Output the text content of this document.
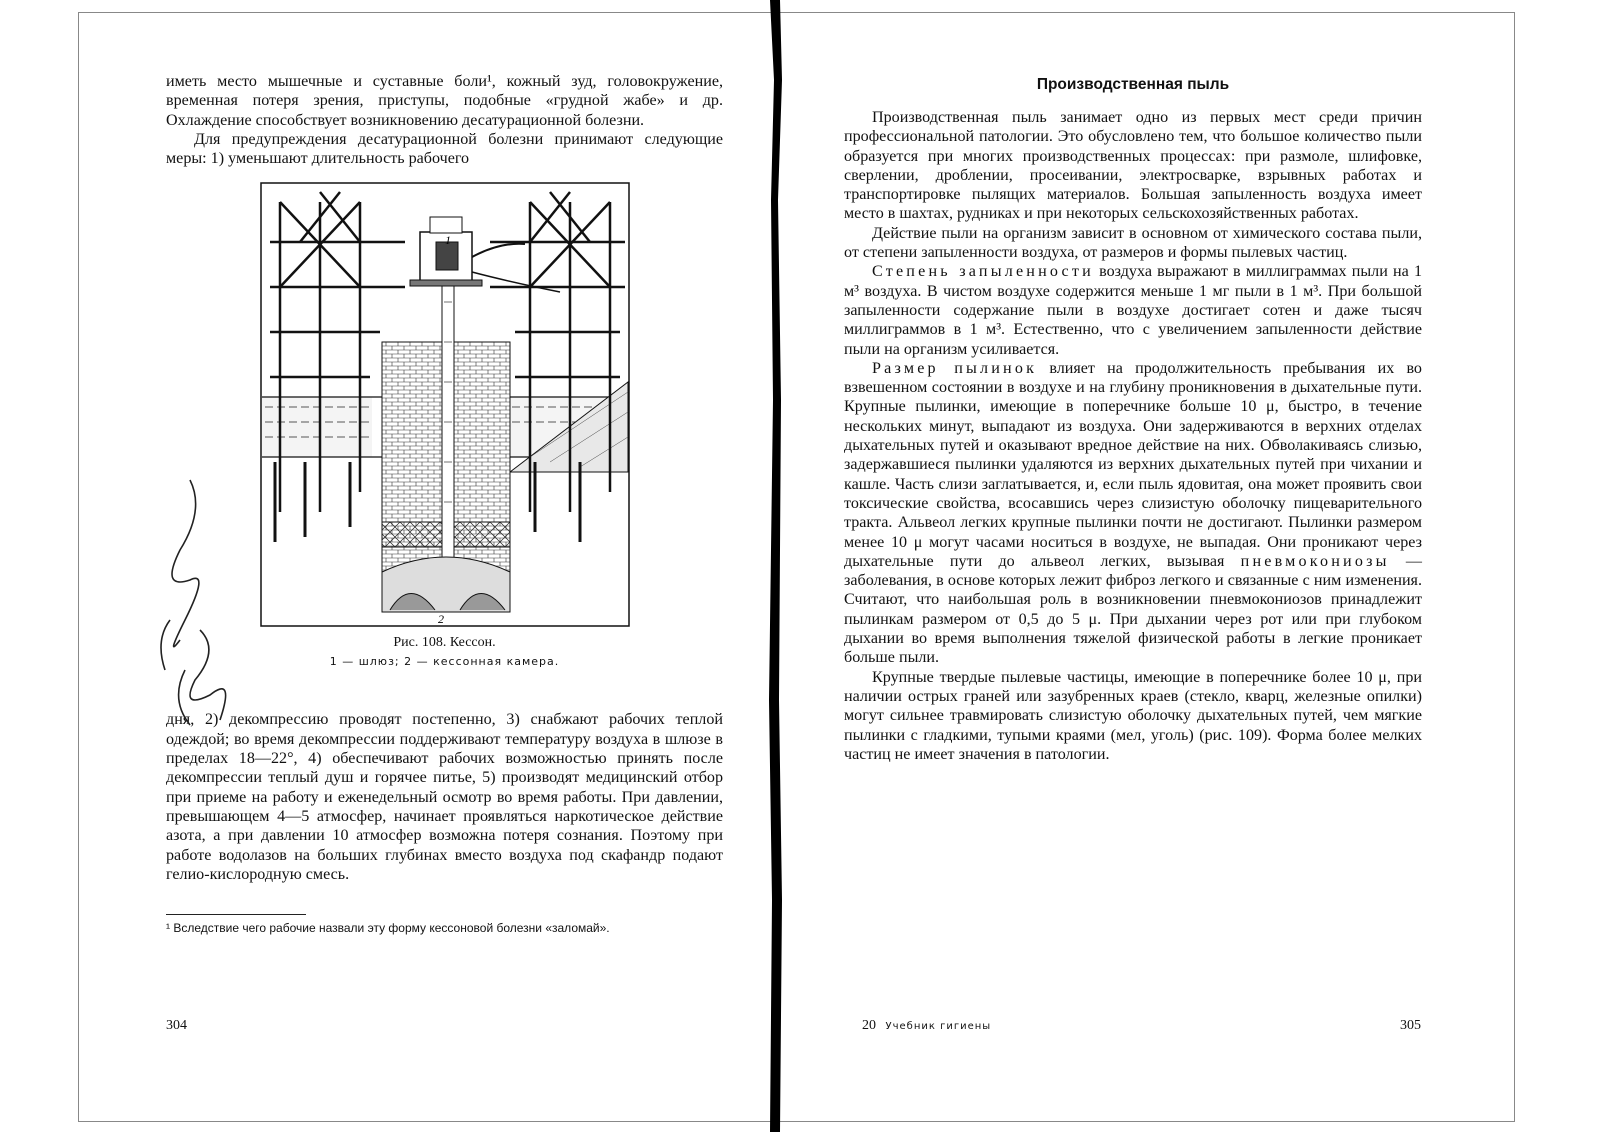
иметь место мышечные и суставные боли¹, кожный зуд, головокружение, временная потеря зрения, приступы, подобные «грудной жабе» и др. Охлаждение способствует возникновению десатурационной болезни.

Для предупреждения десатурационной болезни принимают следующие меры: 1) уменьшают длительность рабочего

1
2
Рис. 108. Кессон.
1 — шлюз; 2 — кессонная камера.

дня, 2) декомпрессию проводят постепенно, 3) снабжают рабочих теплой одеждой; во время декомпрессии поддерживают температуру воздуха в шлюзе в пределах 18—22°, 4) обеспечивают рабочих возможностью принять после декомпрессии теплый душ и горячее питье, 5) производят медицинский отбор при приеме на работу и еженедельный осмотр во время работы. При давлении, превышающем 4—5 атмосфер, начинает проявляться наркотическое действие азота, а при давлении 10 атмосфер возможна потеря сознания. Поэтому при работе водолазов на больших глубинах вместо воздуха под скафандр подают гелио-кислородную смесь.

¹ Вследствие чего рабочие назвали эту форму кессоновой болезни «заломай».
304
Производственная пыль

Производственная пыль занимает одно из первых мест среди причин профессиональной патологии. Это обусловлено тем, что большое количество пыли образуется при многих производственных процессах: при размоле, шлифовке, сверлении, дроблении, просеивании, электросварке, взрывных работах и транспортировке пылящих материалов. Большая запыленность воздуха имеет место в шахтах, рудниках и при некоторых сельскохозяйственных работах.

Действие пыли на организм зависит в основном от химического состава пыли, от степени запыленности воздуха, от размеров и формы пылевых частиц.

Степень запыленности воздуха выражают в миллиграммах пыли на 1 м³ воздуха. В чистом воздухе содержится меньше 1 мг пыли в 1 м³. При большой запыленности содержание пыли в воздухе достигает сотен и даже тысяч миллиграммов в 1 м³. Естественно, что с увеличением запыленности действие пыли на организм усиливается.

Размер пылинок влияет на продолжительность пребывания их во взвешенном состоянии в воздухе и на глубину проникновения в дыхательные пути. Крупные пылинки, имеющие в поперечнике больше 10 μ, быстро, в течение нескольких минут, выпадают из воздуха. Они задерживаются в верхних отделах дыхательных путей и оказывают вредное действие на них. Обволакиваясь слизью, задержавшиеся пылинки удаляются из верхних дыхательных путей при чихании и кашле. Часть слизи заглатывается, и, если пыль ядовитая, она может проявить свои токсические свойства, всосавшись через слизистую оболочку пищеварительного тракта. Альвеол легких крупные пылинки почти не достигают. Пылинки размером менее 10 μ могут часами носиться в воздухе, не выпадая. Они проникают через дыхательные пути до альвеол легких, вызывая пневмокониозы — заболевания, в основе которых лежит фиброз легкого и связанные с ним изменения. Считают, что наибольшая роль в возникновении пневмокониозов принадлежит пылинкам размером от 0,5 до 5 μ. При дыхании через рот или при глубоком дыхании во время выполнения тяжелой физической работы в легкие проникает больше пыли.

Крупные твердые пылевые частицы, имеющие в поперечнике более 10 μ, при наличии острых граней или зазубренных краев (стекло, кварц, железные опилки) могут сильнее травмировать слизистую оболочку дыхательных путей, чем мягкие пылинки с гладкими, тупыми краями (мел, уголь) (рис. 109). Форма более мелких частиц не имеет значения в патологии.

20 Учебник гигиены	305
